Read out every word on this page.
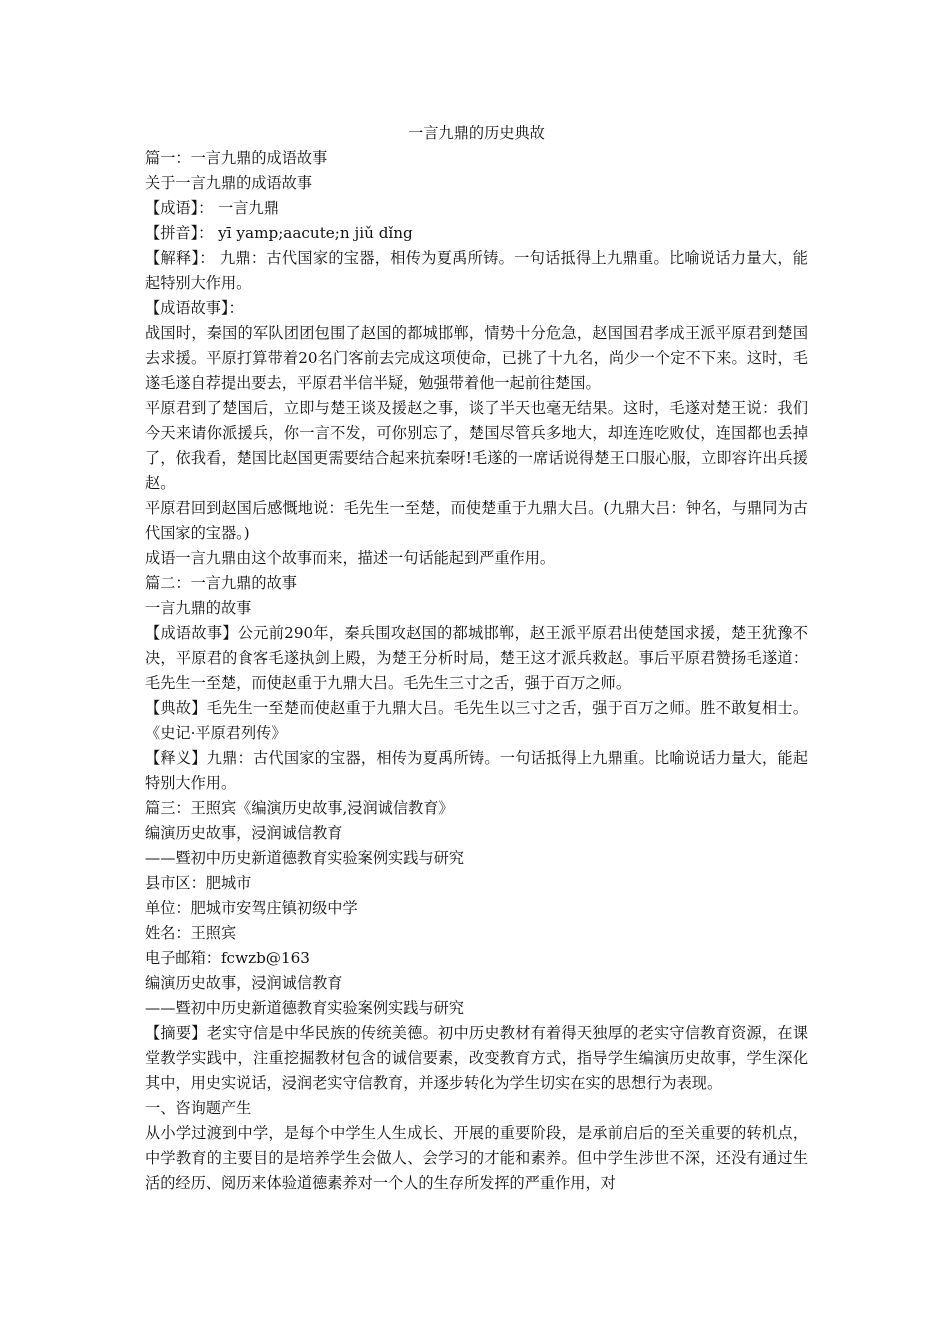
一言九鼎的历史典故

篇一：一言九鼎的成语故事

关于一言九鼎的成语故事

【成语】： 一言九鼎

【拼音】： yī yamp;aacute;n jiǔ dǐng

【解释】： 九鼎：古代国家的宝器，相传为夏禹所铸。一句话抵得上九鼎重。比喻说话力量大，能起特别大作用。

【成语故事】：

战国时，秦国的军队团团包围了赵国的都城邯郸，情势十分危急，赵国国君孝成王派平原君到楚国去求援。平原打算带着20名门客前去完成这项使命，已挑了十九名，尚少一个定不下来。这时，毛遂毛遂自荐提出要去，平原君半信半疑，勉强带着他一起前往楚国。

平原君到了楚国后，立即与楚王谈及援赵之事，谈了半天也毫无结果。这时，毛遂对楚王说：我们今天来请你派援兵，你一言不发，可你别忘了，楚国尽管兵多地大，却连连吃败仗，连国都也丢掉了，依我看，楚国比赵国更需要结合起来抗秦呀!毛遂的一席话说得楚王口服心服，立即容许出兵援赵。

平原君回到赵国后感慨地说：毛先生一至楚，而使楚重于九鼎大吕。(九鼎大吕：钟名，与鼎同为古代国家的宝器。)

成语一言九鼎由这个故事而来，描述一句话能起到严重作用。

篇二：一言九鼎的故事

一言九鼎的故事

【成语故事】公元前290年，秦兵围攻赵国的都城邯郸，赵王派平原君出使楚国求援，楚王犹豫不决，平原君的食客毛遂执剑上殿，为楚王分析时局，楚王这才派兵救赵。事后平原君赞扬毛遂道：毛先生一至楚，而使赵重于九鼎大吕。毛先生三寸之舌，强于百万之师。

【典故】毛先生一至楚而使赵重于九鼎大吕。毛先生以三寸之舌，强于百万之师。胜不敢复相士。 《史记·平原君列传》

【释义】九鼎：古代国家的宝器，相传为夏禹所铸。一句话抵得上九鼎重。比喻说话力量大，能起特别大作用。

篇三：王照宾《编演历史故事,浸润诚信教育》

编演历史故事，浸润诚信教育

——暨初中历史新道德教育实验案例实践与研究

县市区：肥城市

单位：肥城市安驾庄镇初级中学

姓名：王照宾

电子邮箱：fcwzb@163

编演历史故事，浸润诚信教育

——暨初中历史新道德教育实验案例实践与研究

【摘要】老实守信是中华民族的传统美德。初中历史教材有着得天独厚的老实守信教育资源，在课堂教学实践中，注重挖掘教材包含的诚信要素，改变教育方式，指导学生编演历史故事，学生深化其中，用史实说话，浸润老实守信教育，并逐步转化为学生切实在实的思想行为表现。

一、咨询题产生

从小学过渡到中学，是每个中学生人生成长、开展的重要阶段，是承前启后的至关重要的转机点，中学教育的主要目的是培养学生会做人、会学习的才能和素养。但中学生涉世不深，还没有通过生活的经历、阅历来体验道德素养对一个人的生存所发挥的严重作用，对
